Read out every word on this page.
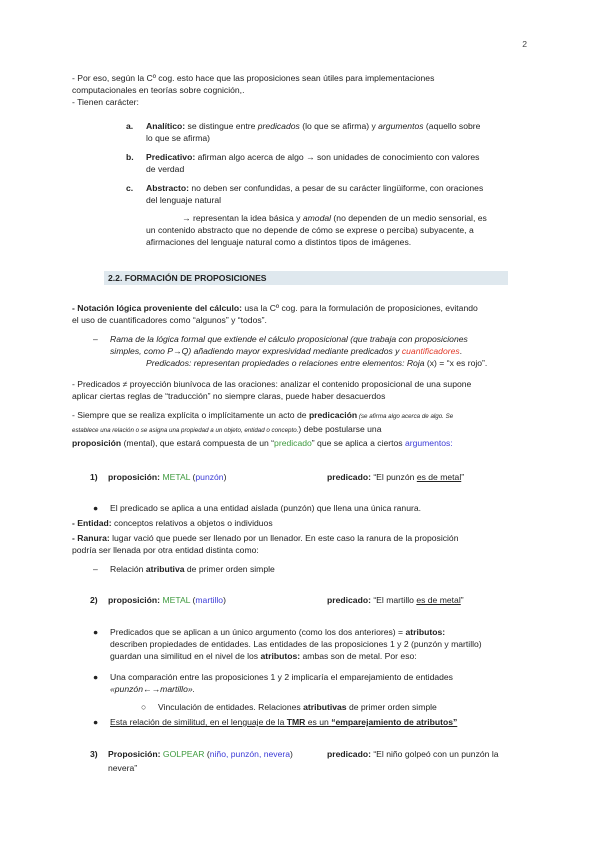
2
- Por eso, según la Cº cog. esto hace que las proposiciones sean útiles para implementaciones
computacionales en teorías sobre cognición,.
- Tienen carácter:
a. Analítico: se distingue entre predicados (lo que se afirma) y argumentos (aquello sobre
lo que se afirma)
b. Predicativo: afirman algo acerca de algo → son unidades de conocimiento con valores
de verdad
c. Abstracto: no deben ser confundidas, a pesar de su carácter lingüiforme, con oraciones
del lenguaje natural
→ representan la idea básica y amodal (no dependen de un medio sensorial, es
un contenido abstracto que no depende de cómo se exprese o perciba) subyacente, a
afirmaciones del lenguaje natural como a distintos tipos de imágenes.
2.2. FORMACIÓN DE PROPOSICIONES
- Notación lógica proveniente del cálculo: usa la Cº cog. para la formulación de proposiciones, evitando
el uso de cuantificadores como “algunos” y “todos”.
– Rama de la lógica formal que extiende el cálculo proposicional (que trabaja con proposiciones
simples, como P→Q) añadiendo mayor expresividad mediante predicados y cuantificadores.
Predicados: representan propiedades o relaciones entre elementos: Roja (x) = “x es rojo”.
- Predicados ≠ proyección biunívoca de las oraciones: analizar el contenido proposicional de una supone
aplicar ciertas reglas de “traducción” no siempre claras, puede haber desacuerdos
- Siempre que se realiza explícita o implícitamente un acto de predicación (se afirma algo acerca de algo. Se
establece una relación o se asigna una propiedad a un objeto, entidad o concepto.) debe postularse una
proposición (mental), que estará compuesta de un “predicado” que se aplica a ciertos argumentos:
1) proposición: METAL (punzón)	predicado: “El punzón es de metal”
● El predicado se aplica a una entidad aislada (punzón) que llena una única ranura.
- Entidad: conceptos relativos a objetos o individuos
- Ranura: lugar vació que puede ser llenado por un llenador. En este caso la ranura de la proposición
podría ser llenada por otra entidad distinta como:
– Relación atributiva de primer orden simple
2) proposición: METAL (martillo)	predicado: “El martillo es de metal”
● Predicados que se aplican a un único argumento (como los dos anteriores) = atributos:
describen propiedades de entidades. Las entidades de las proposiciones 1 y 2 (punzón y martillo)
guardan una similitud en el nivel de los atributos: ambas son de metal. Por eso:
● Una comparación entre las proposiciones 1 y 2 implicaría el emparejamiento de entidades
«punzón←→martillo».
○ Vinculación de entidades. Relaciones atributivas de primer orden simple
● Esta relación de similitud, en el lenguaje de la TMR es un “emparejamiento de atributos”
3) Proposición: GOLPEAR (niño, punzón, nevera)	predicado: “El niño golpeó con un punzón la
nevera”
